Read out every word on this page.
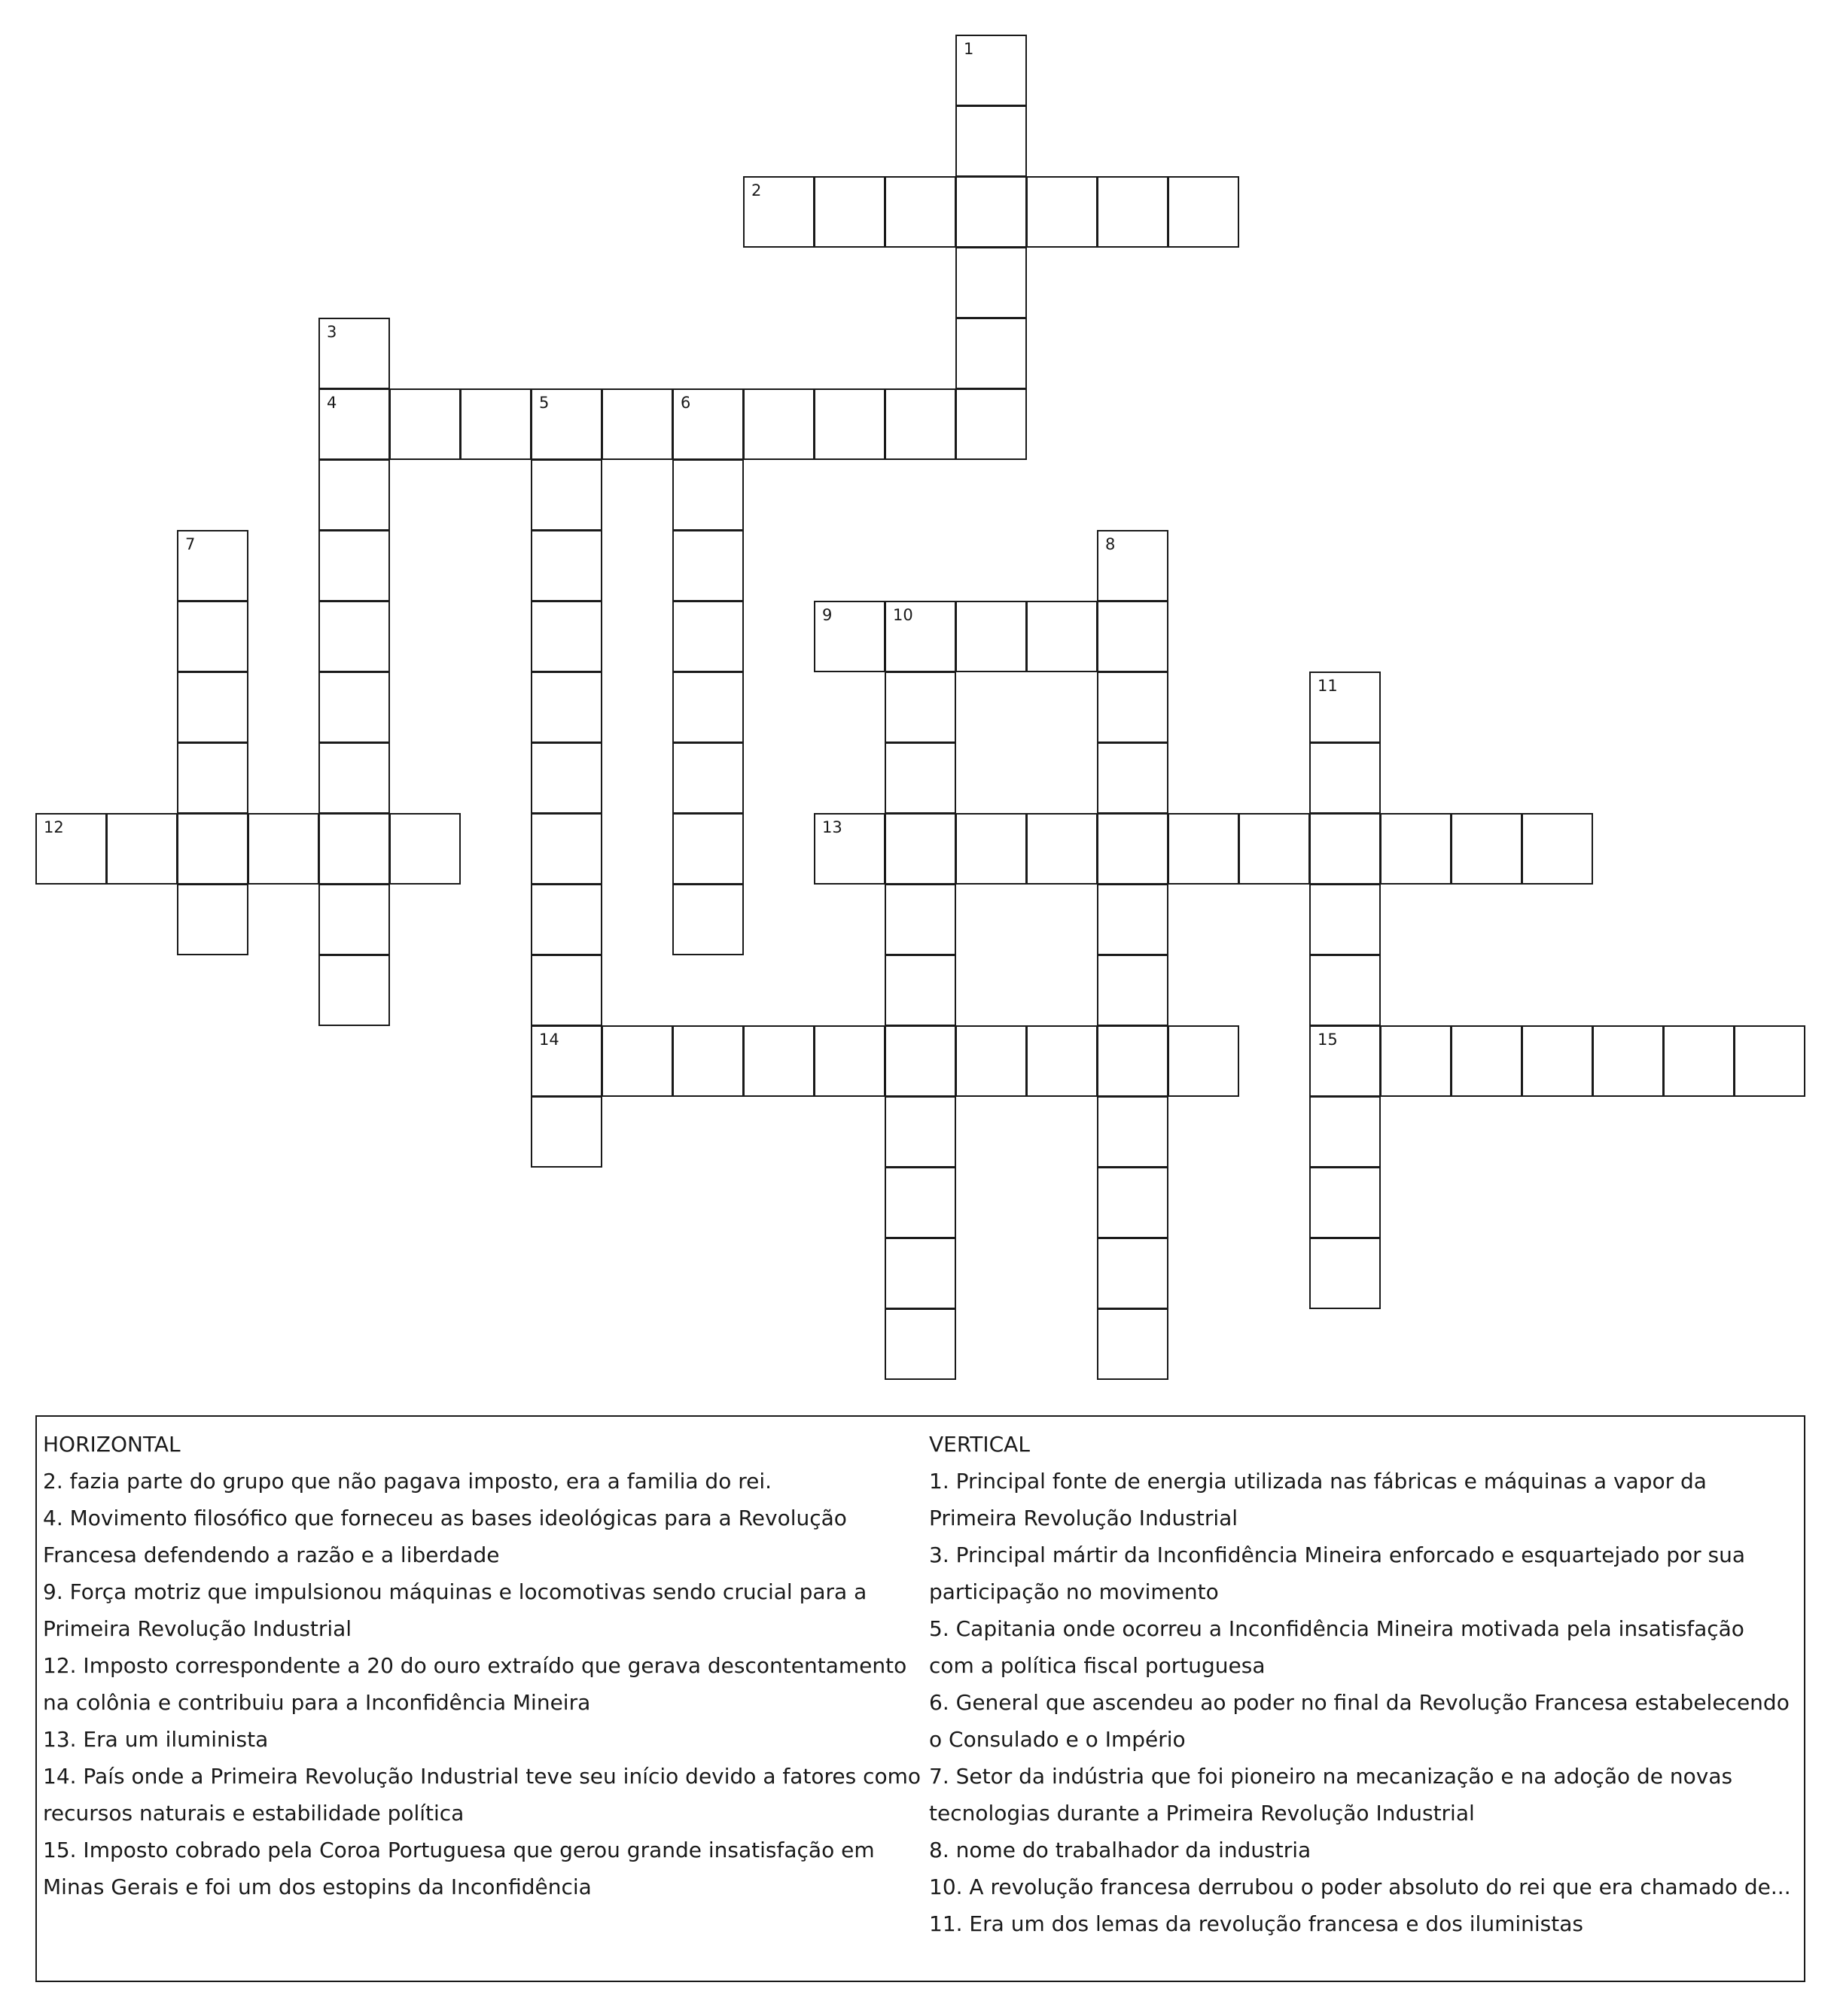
1
2
3
4	5	6
14
7	8
9	10
11
15
12	13
HORIZONTAL
2. fazia parte do grupo que não pagava imposto, era a familia do rei.
4. Movimento filosófico que forneceu as bases ideológicas para a Revolução Francesa defendendo a razão e a liberdade
9. Força motriz que impulsionou máquinas e locomotivas sendo crucial para a Primeira Revolução Industrial
12. Imposto correspondente a 20 do ouro extraído que gerava descontentamento na colônia e contribuiu para a Inconfidência Mineira
13. Era um iluminista
14. País onde a Primeira Revolução Industrial teve seu início devido a fatores como recursos naturais e estabilidade política
15. Imposto cobrado pela Coroa Portuguesa que gerou grande insatisfação em Minas Gerais e foi um dos estopins da Inconfidência
VERTICAL
1. Principal fonte de energia utilizada nas fábricas e máquinas a vapor da Primeira Revolução Industrial
3. Principal mártir da Inconfidência Mineira enforcado e esquartejado por sua participação no movimento
5. Capitania onde ocorreu a Inconfidência Mineira motivada pela insatisfação com a política fiscal portuguesa
6. General que ascendeu ao poder no final da Revolução Francesa estabelecendo o Consulado e o Império
7. Setor da indústria que foi pioneiro na mecanização e na adoção de novas tecnologias durante a Primeira Revolução Industrial
8. nome do trabalhador da industria
10. A revolução francesa derrubou o poder absoluto do rei que era chamado de...
11. Era um dos lemas da revolução francesa e dos iluministas
